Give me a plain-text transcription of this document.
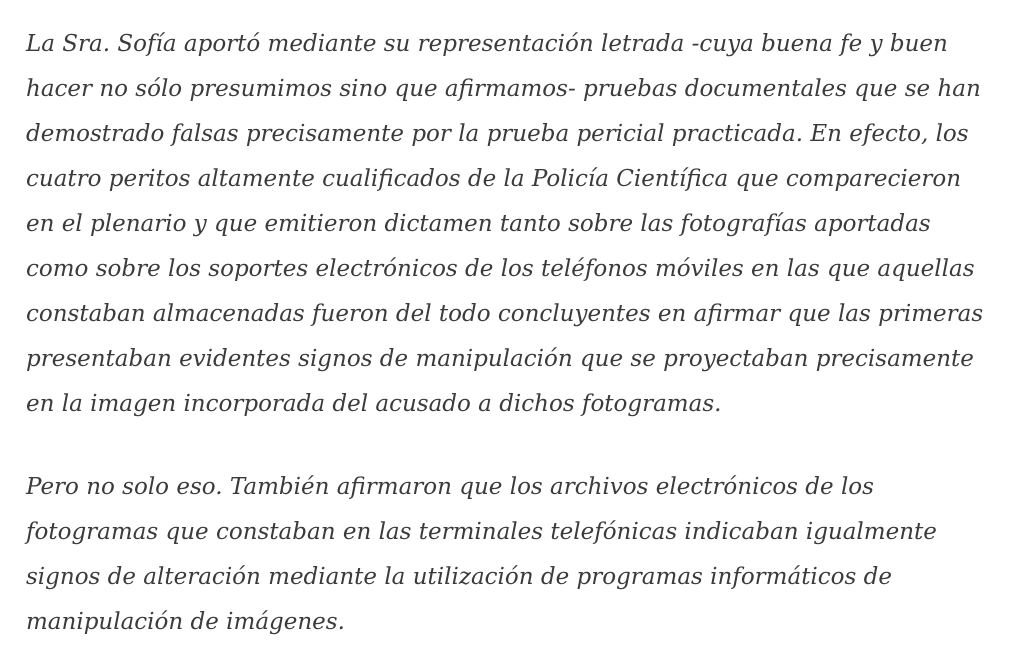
La Sra. Sofía aportó mediante su representación letrada -cuya buena fe y buen
hacer no sólo presumimos sino que afirmamos- pruebas documentales que se han
demostrado falsas precisamente por la prueba pericial practicada. En efecto, los
cuatro peritos altamente cualificados de la Policía Científica que comparecieron
en el plenario y que emitieron dictamen tanto sobre las fotografías aportadas
como sobre los soportes electrónicos de los teléfonos móviles en las que aquellas
constaban almacenadas fueron del todo concluyentes en afirmar que las primeras
presentaban evidentes signos de manipulación que se proyectaban precisamente
en la imagen incorporada del acusado a dichos fotogramas.

Pero no solo eso. También afirmaron que los archivos electrónicos de los
fotogramas que constaban en las terminales telefónicas indicaban igualmente
signos de alteración mediante la utilización de programas informáticos de
manipulación de imágenes.
